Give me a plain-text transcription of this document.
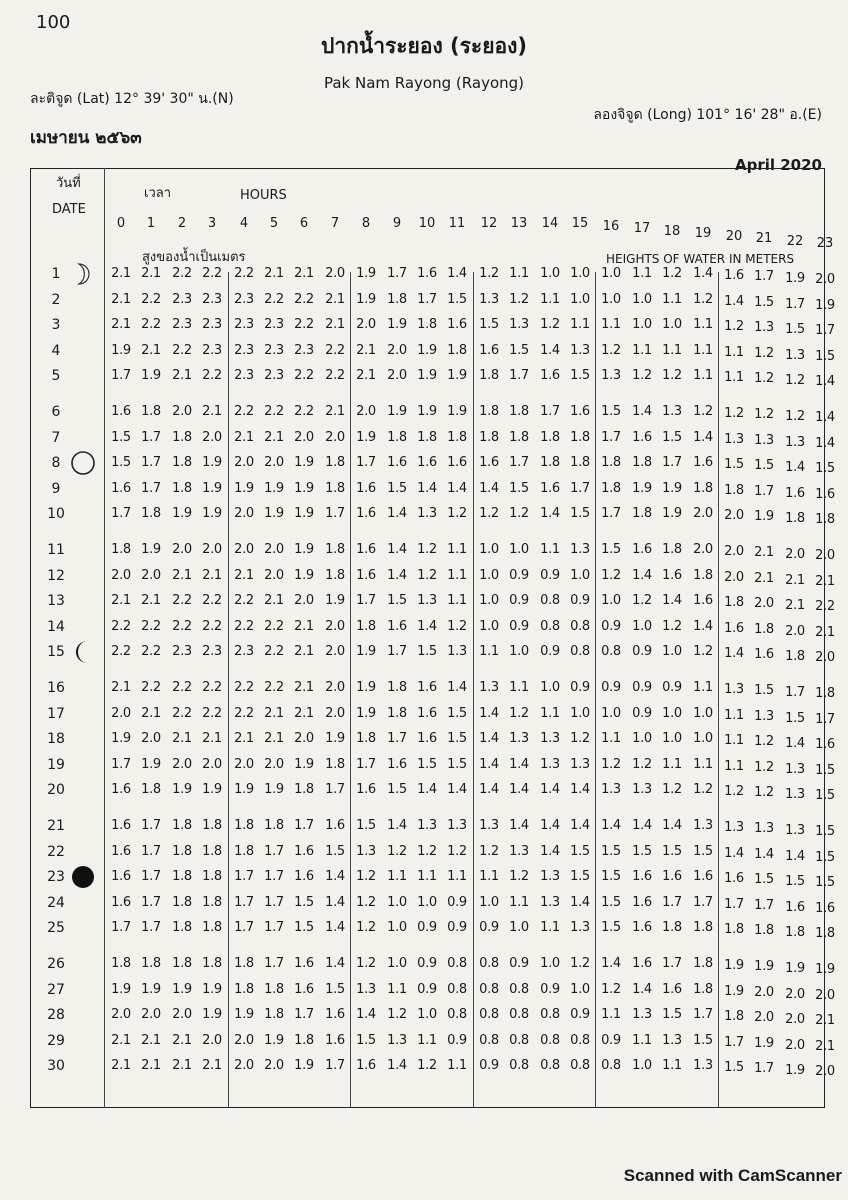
100
ปากน้ำระยอง (ระยอง)
Pak Nam Rayong (Rayong)
ละติจูด (Lat) 12° 39' 30" น.(N)
ลองจิจูด (Long) 101° 16' 28" อ.(E)
เมษายน ๒๕๖๓
April 2020
วันที่
DATE
เวลา	HOURS
สูงของน้ำเป็นเมตร	HEIGHTS OF WATER IN METERS
0	1	2	3	4	5	6	7	8	9	10	11	12	13	14	15	16	17	18	19	20	21	22	23
1	2.1 2.1 2.2 2.2 2.2 2.1 2.1 2.0 1.9 1.7 1.6 1.4 1.2 1.1 1.0 1.0 1.0 1.1 1.2 1.4 1.6 1.7 1.9 2.0
2	2.1 2.2 2.3 2.3 2.3 2.2 2.2 2.1 1.9 1.8 1.7 1.5 1.3 1.2 1.1 1.0 1.0 1.0 1.1 1.2 1.4 1.5 1.7 1.9
3	2.1 2.2 2.3 2.3 2.3 2.3 2.2 2.1 2.0 1.9 1.8 1.6 1.5 1.3 1.2 1.1 1.1 1.0 1.0 1.1 1.2 1.3 1.5 1.7
4	1.9 2.1 2.2 2.3 2.3 2.3 2.3 2.2 2.1 2.0 1.9 1.8 1.6 1.5 1.4 1.3 1.2 1.1 1.1 1.1 1.1 1.2 1.3 1.5
5	1.7 1.9 2.1 2.2 2.3 2.3 2.2 2.2 2.1 2.0 1.9 1.9 1.8 1.7 1.6 1.5 1.3 1.2 1.2 1.1 1.1 1.2 1.2 1.4
6	1.6 1.8 2.0 2.1 2.2 2.2 2.2 2.1 2.0 1.9 1.9 1.9 1.8 1.8 1.7 1.6 1.5 1.4 1.3 1.2 1.2 1.2 1.2 1.4
7	1.5 1.7 1.8 2.0 2.1 2.1 2.0 2.0 1.9 1.8 1.8 1.8 1.8 1.8 1.8 1.8 1.7 1.6 1.5 1.4 1.3 1.3 1.3 1.4
8	1.5 1.7 1.8 1.9 2.0 2.0 1.9 1.8 1.7 1.6 1.6 1.6 1.6 1.7 1.8 1.8 1.8 1.8 1.7 1.6 1.5 1.5 1.4 1.5
9	1.6 1.7 1.8 1.9 1.9 1.9 1.9 1.8 1.6 1.5 1.4 1.4 1.4 1.5 1.6 1.7 1.8 1.9 1.9 1.8 1.8 1.7 1.6 1.6
10	1.7 1.8 1.9 1.9 2.0 1.9 1.9 1.7 1.6 1.4 1.3 1.2 1.2 1.2 1.4 1.5 1.7 1.8 1.9 2.0 2.0 1.9 1.8 1.8
11	1.8 1.9 2.0 2.0 2.0 2.0 1.9 1.8 1.6 1.4 1.2 1.1 1.0 1.0 1.1 1.3 1.5 1.6 1.8 2.0 2.0 2.1 2.0 2.0
12	2.0 2.0 2.1 2.1 2.1 2.0 1.9 1.8 1.6 1.4 1.2 1.1 1.0 0.9 0.9 1.0 1.2 1.4 1.6 1.8 2.0 2.1 2.1 2.1
13	2.1 2.1 2.2 2.2 2.2 2.1 2.0 1.9 1.7 1.5 1.3 1.1 1.0 0.9 0.8 0.9 1.0 1.2 1.4 1.6 1.8 2.0 2.1 2.2
14	2.2 2.2 2.2 2.2 2.2 2.2 2.1 2.0 1.8 1.6 1.4 1.2 1.0 0.9 0.8 0.8 0.9 1.0 1.2 1.4 1.6 1.8 2.0 2.1
15	2.2 2.2 2.3 2.3 2.3 2.2 2.1 2.0 1.9 1.7 1.5 1.3 1.1 1.0 0.9 0.8 0.8 0.9 1.0 1.2 1.4 1.6 1.8 2.0
16	2.1 2.2 2.2 2.2 2.2 2.2 2.1 2.0 1.9 1.8 1.6 1.4 1.3 1.1 1.0 0.9 0.9 0.9 0.9 1.1 1.3 1.5 1.7 1.8
17	2.0 2.1 2.2 2.2 2.2 2.1 2.1 2.0 1.9 1.8 1.6 1.5 1.4 1.2 1.1 1.0 1.0 0.9 1.0 1.0 1.1 1.3 1.5 1.7
18	1.9 2.0 2.1 2.1 2.1 2.1 2.0 1.9 1.8 1.7 1.6 1.5 1.4 1.3 1.3 1.2 1.1 1.0 1.0 1.0 1.1 1.2 1.4 1.6
19	1.7 1.9 2.0 2.0 2.0 2.0 1.9 1.8 1.7 1.6 1.5 1.5 1.4 1.4 1.3 1.3 1.2 1.2 1.1 1.1 1.1 1.2 1.3 1.5
20	1.6 1.8 1.9 1.9 1.9 1.9 1.8 1.7 1.6 1.5 1.4 1.4 1.4 1.4 1.4 1.4 1.3 1.3 1.2 1.2 1.2 1.2 1.3 1.5
21	1.6 1.7 1.8 1.8 1.8 1.8 1.7 1.6 1.5 1.4 1.3 1.3 1.3 1.4 1.4 1.4 1.4 1.4 1.4 1.3 1.3 1.3 1.3 1.5
22	1.6 1.7 1.8 1.8 1.8 1.7 1.6 1.5 1.3 1.2 1.2 1.2 1.2 1.3 1.4 1.5 1.5 1.5 1.5 1.5 1.4 1.4 1.4 1.5
23	1.6 1.7 1.8 1.8 1.7 1.7 1.6 1.4 1.2 1.1 1.1 1.1 1.1 1.2 1.3 1.5 1.5 1.6 1.6 1.6 1.6 1.5 1.5 1.5
24	1.6 1.7 1.8 1.8 1.7 1.7 1.5 1.4 1.2 1.0 1.0 0.9 1.0 1.1 1.3 1.4 1.5 1.6 1.7 1.7 1.7 1.7 1.6 1.6
25	1.7 1.7 1.8 1.8 1.7 1.7 1.5 1.4 1.2 1.0 0.9 0.9 0.9 1.0 1.1 1.3 1.5 1.6 1.8 1.8 1.8 1.8 1.8 1.8
26	1.8 1.8 1.8 1.8 1.8 1.7 1.6 1.4 1.2 1.0 0.9 0.8 0.8 0.9 1.0 1.2 1.4 1.6 1.7 1.8 1.9 1.9 1.9 1.9
27	1.9 1.9 1.9 1.9 1.8 1.8 1.6 1.5 1.3 1.1 0.9 0.8 0.8 0.8 0.9 1.0 1.2 1.4 1.6 1.8 1.9 2.0 2.0 2.0
28	2.0 2.0 2.0 1.9 1.9 1.8 1.7 1.6 1.4 1.2 1.0 0.8 0.8 0.8 0.8 0.9 1.1 1.3 1.5 1.7 1.8 2.0 2.0 2.1
29	2.1 2.1 2.1 2.0 2.0 1.9 1.8 1.6 1.5 1.3 1.1 0.9 0.8 0.8 0.8 0.8 0.9 1.1 1.3 1.5 1.7 1.9 2.0 2.1
30	2.1 2.1 2.1 2.1 2.0 2.0 1.9 1.7 1.6 1.4 1.2 1.1 0.9 0.8 0.8 0.8 0.8 1.0 1.1 1.3 1.5 1.7 1.9 2.0
Scanned with CamScanner
